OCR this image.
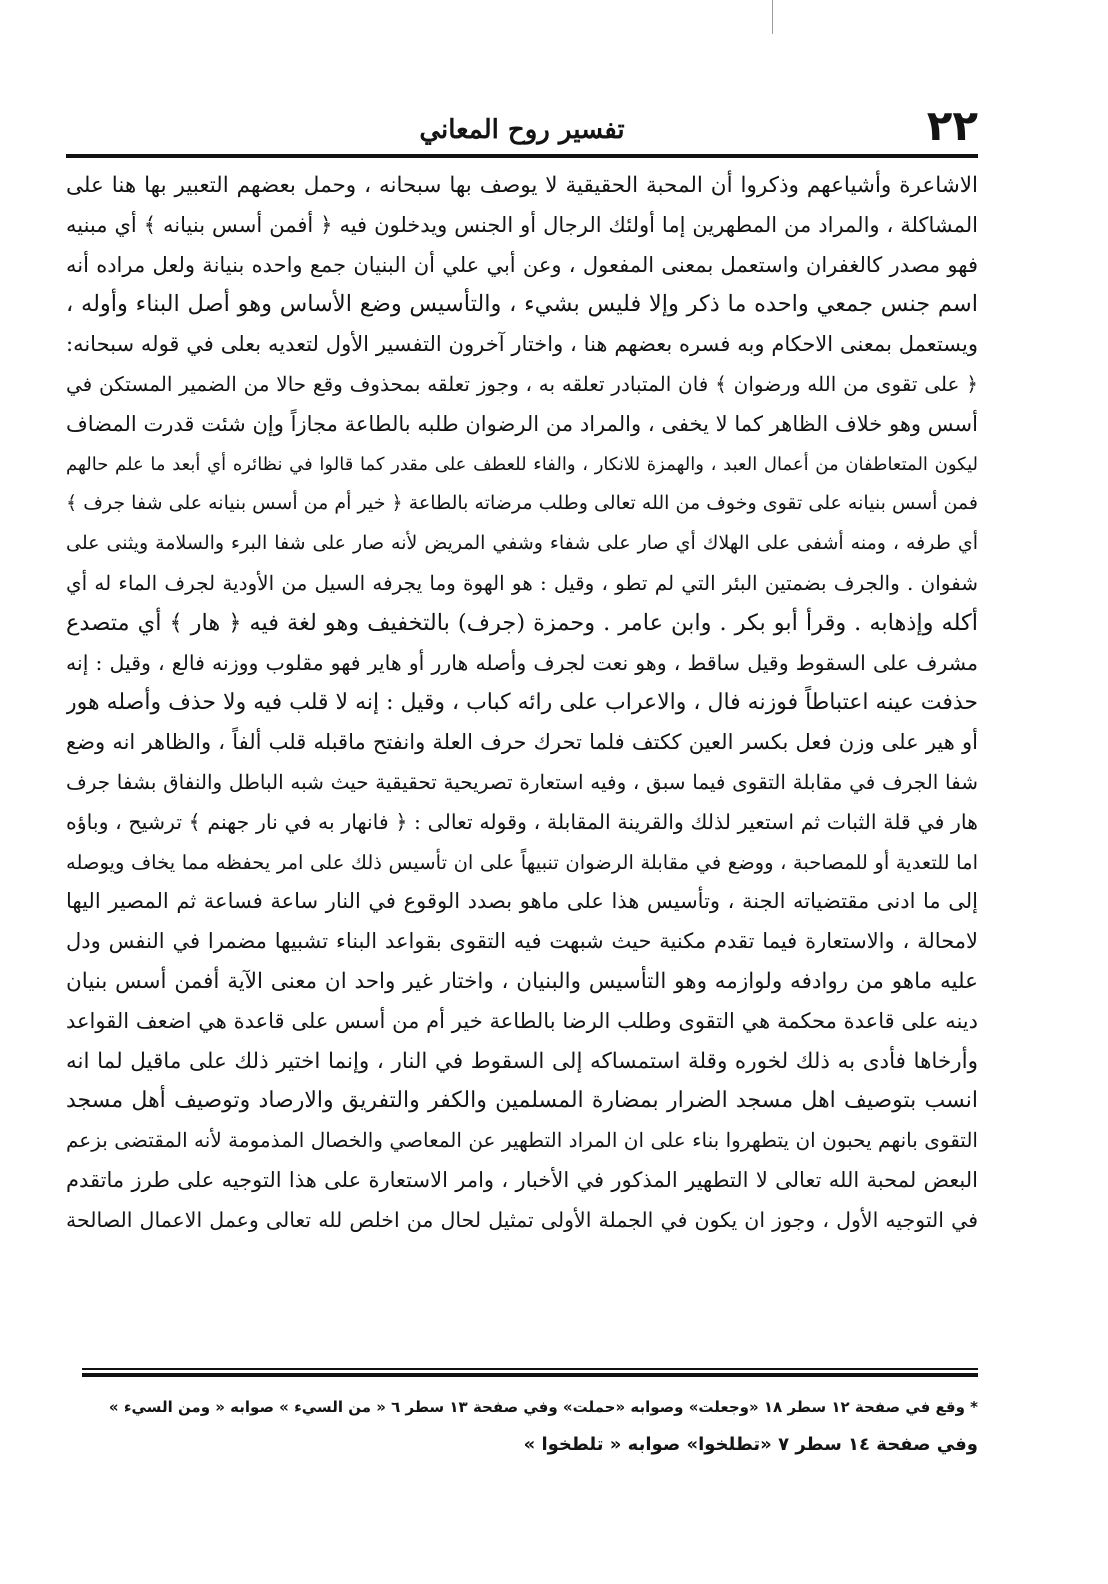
٢٢
تفسير روح المعاني
الاشاعرة وأشياعهم وذكروا أن المحبة الحقيقية لا يوصف بها سبحانه ، وحمل بعضهم التعبير بها هنا على
المشاكلة ، والمراد من المطهرين إما أولئك الرجال أو الجنس ويدخلون فيه ﴿ أفمن أسس بنيانه ﴾ أي مبنيه
فهو مصدر كالغفران واستعمل بمعنى المفعول ، وعن أبي علي أن البنيان جمع واحده بنيانة ولعل مراده أنه
اسم جنس جمعي واحده ما ذكر وإلا فليس بشيء ، والتأسيس وضع الأساس وهو أصل البناء وأوله ،
ويستعمل بمعنى الاحكام وبه فسره بعضهم هنا ، واختار آخرون التفسير الأول لتعديه بعلى في قوله سبحانه:
﴿ على تقوى من الله ورضوان ﴾ فان المتبادر تعلقه به ، وجوز تعلقه بمحذوف وقع حالا من الضمير المستكن في
أسس وهو خلاف الظاهر كما لا يخفى ، والمراد من الرضوان طلبه بالطاعة مجازاً وإن شئت قدرت المضاف
ليكون المتعاطفان من أعمال العبد ، والهمزة للانكار ، والفاء للعطف على مقدر كما قالوا في نظائره أي أبعد ما علم حالهم
فمن أسس بنيانه على تقوى وخوف من الله تعالى وطلب مرضاته بالطاعة ﴿ خير أم من أسس بنيانه على شفا جرف ﴾
أي طرفه ، ومنه أشفى على الهلاك أي صار على شفاء وشفي المريض لأنه صار على شفا البرء والسلامة ويثنى على
شفوان . والجرف بضمتين البئر التي لم تطو ، وقيل : هو الهوة وما يجرفه السيل من الأودية لجرف الماء له أي
أكله وإذهابه . وقرأ أبو بكر . وابن عامر . وحمزة (جرف) بالتخفيف وهو لغة فيه ﴿ هار ﴾ أي متصدع
مشرف على السقوط وقيل ساقط ، وهو نعت لجرف وأصله هارر أو هاير فهو مقلوب ووزنه فالع ، وقيل : إنه
حذفت عينه اعتباطاً فوزنه فال ، والاعراب على رائه كباب ، وقيل : إنه لا قلب فيه ولا حذف وأصله هور
أو هير على وزن فعل بكسر العين ككتف فلما تحرك حرف العلة وانفتح ماقبله قلب ألفاً ، والظاهر انه وضع
شفا الجرف في مقابلة التقوى فيما سبق ، وفيه استعارة تصريحية تحقيقية حيث شبه الباطل والنفاق بشفا جرف
هار في قلة الثبات ثم استعير لذلك والقرينة المقابلة ، وقوله تعالى : ﴿ فانهار به في نار جهنم ﴾ ترشيح ، وباؤه
اما للتعدية أو للمصاحبة ، ووضع في مقابلة الرضوان تنبيهاً على ان تأسيس ذلك على امر يحفظه مما يخاف ويوصله
إلى ما ادنى مقتضياته الجنة ، وتأسيس هذا على ماهو بصدد الوقوع في النار ساعة فساعة ثم المصير اليها
لامحالة ، والاستعارة فيما تقدم مكنية حيث شبهت فيه التقوى بقواعد البناء تشبيها مضمرا في النفس ودل
عليه ماهو من روادفه ولوازمه وهو التأسيس والبنيان ، واختار غير واحد ان معنى الآية أفمن أسس بنيان
دينه على قاعدة محكمة هي التقوى وطلب الرضا بالطاعة خير أم من أسس على قاعدة هي اضعف القواعد
وأرخاها فأدى به ذلك لخوره وقلة استمساكه إلى السقوط في النار ، وإنما اختير ذلك على ماقيل لما انه
انسب بتوصيف اهل مسجد الضرار بمضارة المسلمين والكفر والتفريق والارصاد وتوصيف أهل مسجد
التقوى بانهم يحبون ان يتطهروا بناء على ان المراد التطهير عن المعاصي والخصال المذمومة لأنه المقتضى بزعم
البعض لمحبة الله تعالى لا التطهير المذكور في الأخبار ، وامر الاستعارة على هذا التوجيه على طرز ماتقدم
في التوجيه الأول ، وجوز ان يكون في الجملة الأولى تمثيل لحال من اخلص لله تعالى وعمل الاعمال الصالحة
* وقع في صفحة ١٢ سطر ١٨ «وجعلت» وصوابه «حملت» وفي صفحة ١٣ سطر ٦ « من السيء » صوابه « ومن السيء »
وفي صفحة ١٤ سطر ٧ «تطلخوا» صوابه « تلطخوا »
